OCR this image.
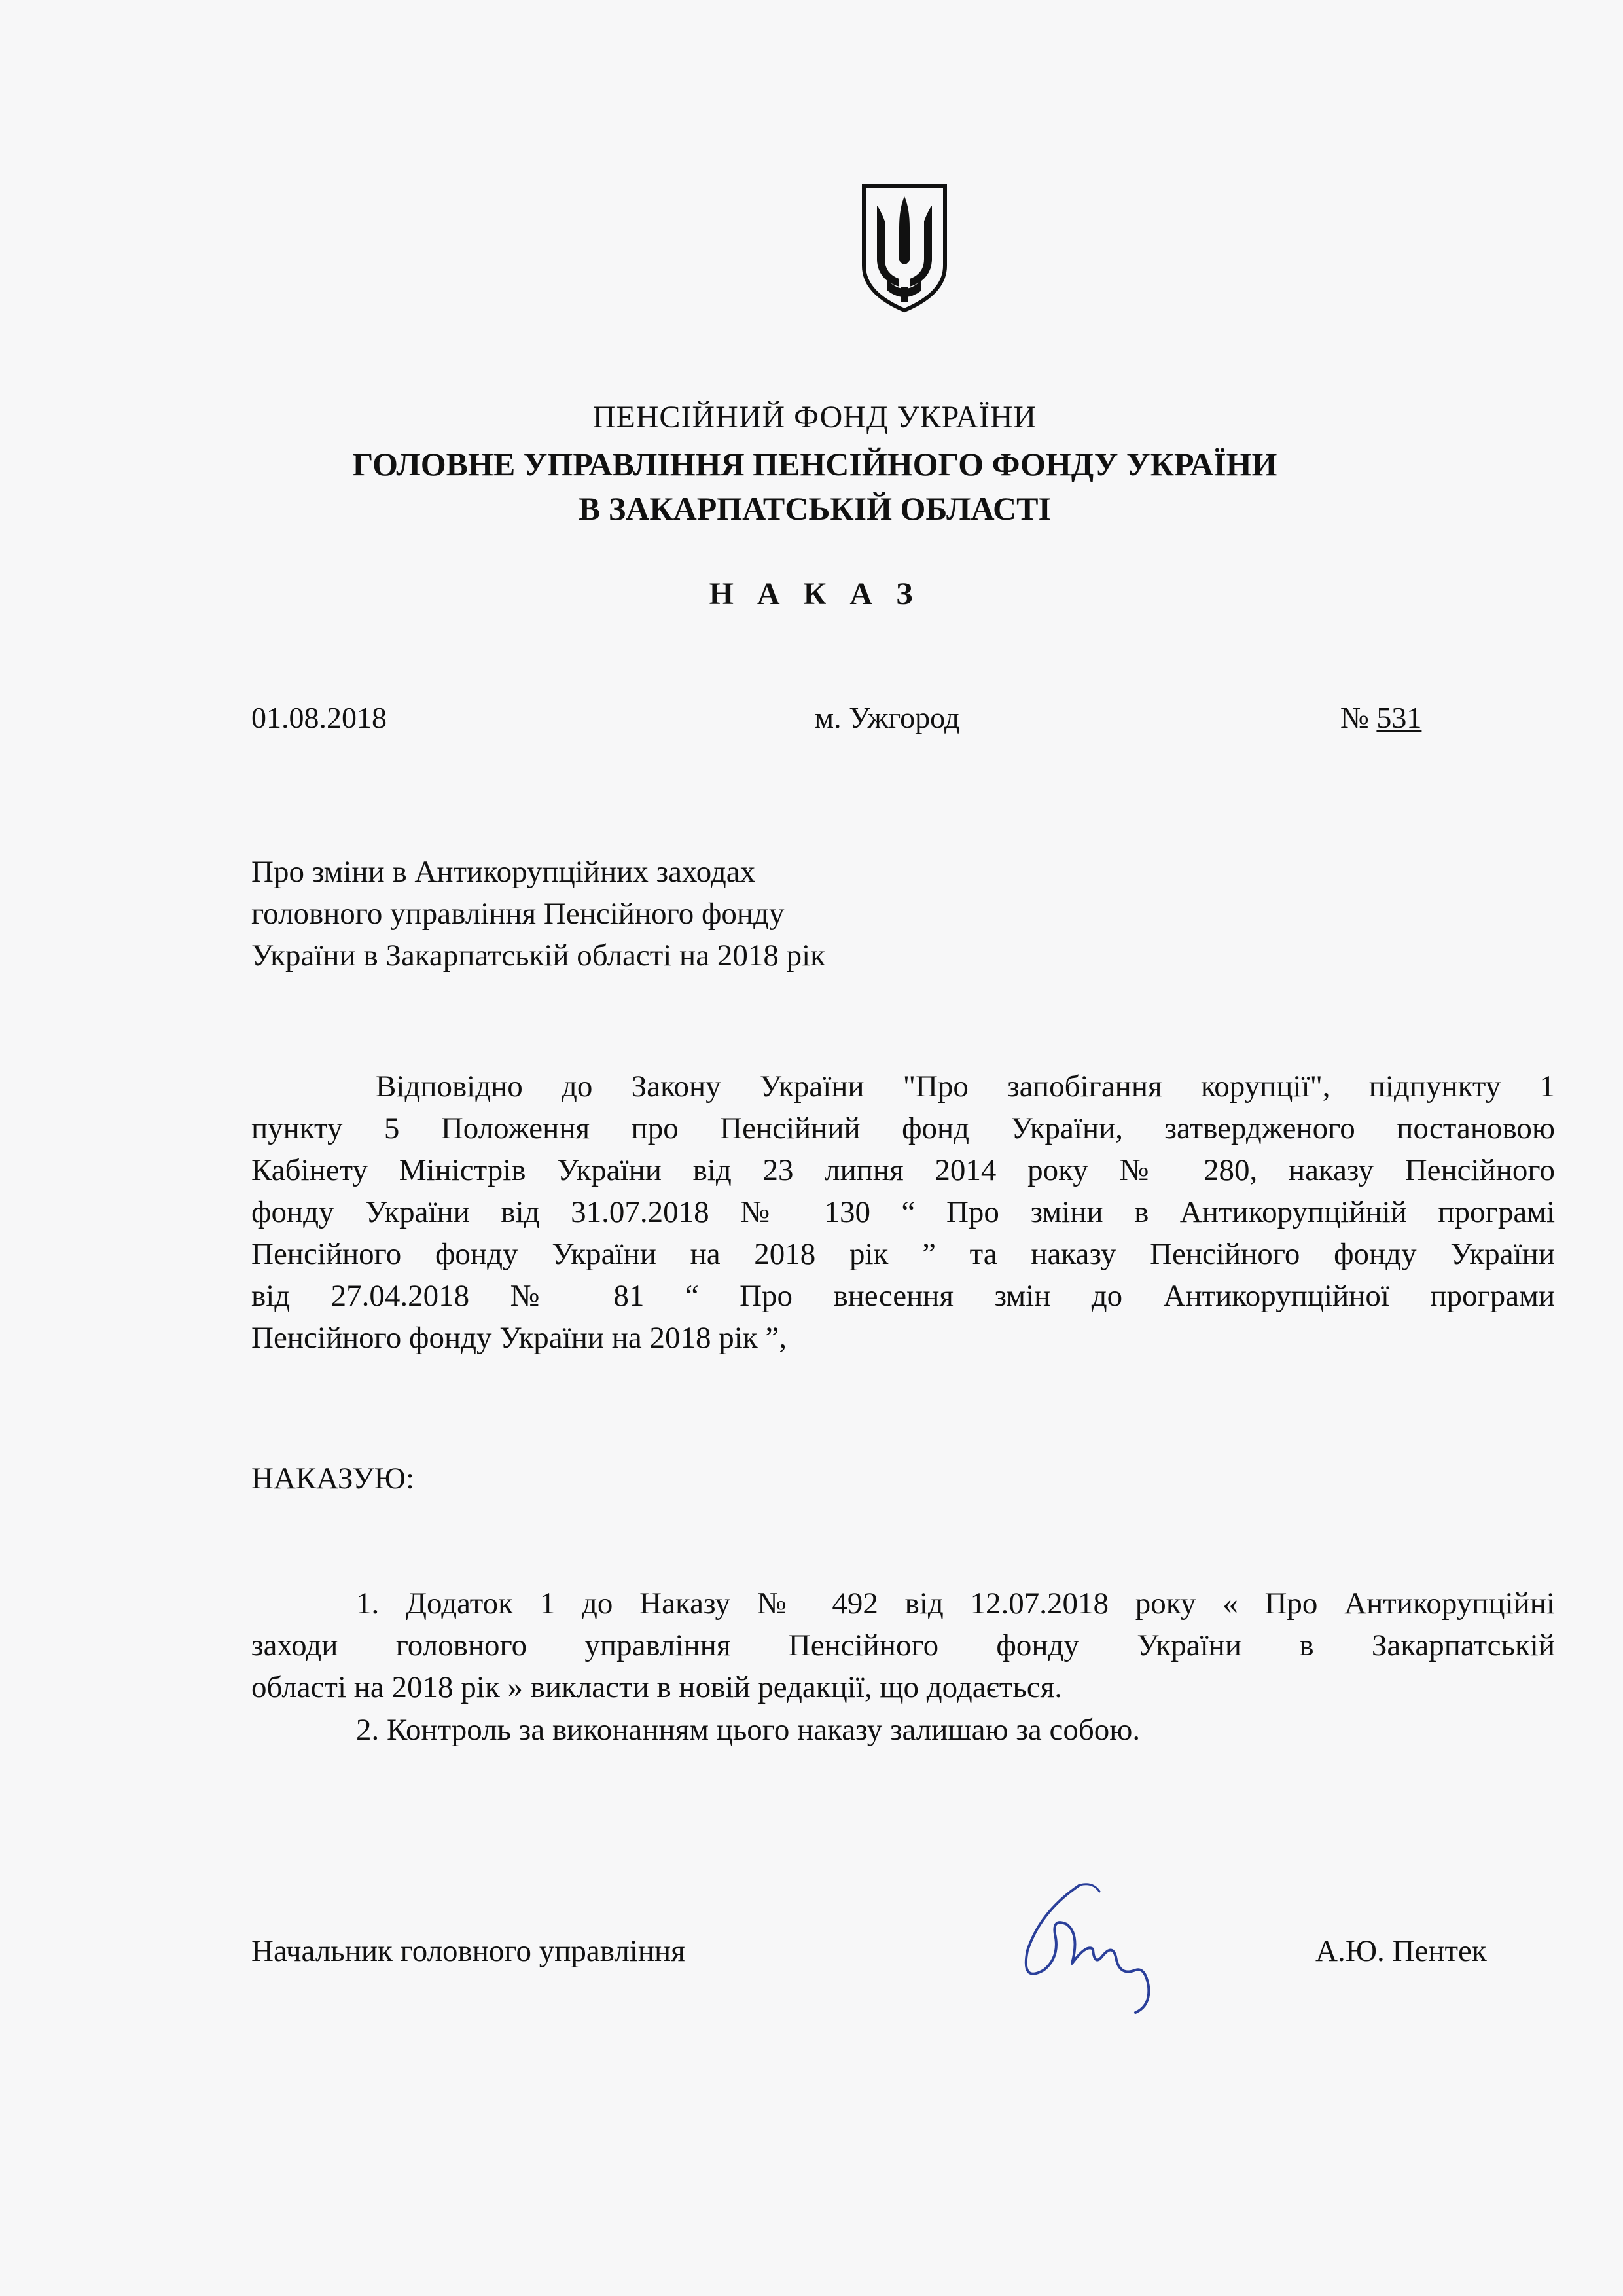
ПЕНСІЙНИЙ ФОНД УКРАЇНИ
ГОЛОВНЕ УПРАВЛІННЯ ПЕНСІЙНОГО ФОНДУ УКРАЇНИ
В ЗАКАРПАТСЬКІЙ ОБЛАСТІ
Н А К А З
01.08.2018	м. Ужгород	№ 531
Про зміни в Антикорупційних заходах
головного управління Пенсійного фонду
України в Закарпатській області на 2018 рік
Відповідно до Закону України "Про запобігання корупції", підпункту 1
пункту 5 Положення про Пенсійний фонд України, затвердженого постановою
Кабінету Міністрів України від 23 липня 2014 року № 280, наказу Пенсійного
фонду України від 31.07.2018 № 130 “ Про зміни в Антикорупційній програмі
Пенсійного фонду України на 2018 рік ” та наказу Пенсійного фонду України
від 27.04.2018 № 81 “ Про внесення змін до Антикорупційної програми
Пенсійного фонду України на 2018 рік ”,
НАКАЗУЮ:
1. Додаток 1 до Наказу № 492 від 12.07.2018 року « Про Антикорупційні
заходи головного управління Пенсійного фонду України в Закарпатській
області на 2018 рік » викласти в новій редакції, що додається.
2. Контроль за виконанням цього наказу залишаю за собою.
Начальник головного управління	А.Ю. Пентек
